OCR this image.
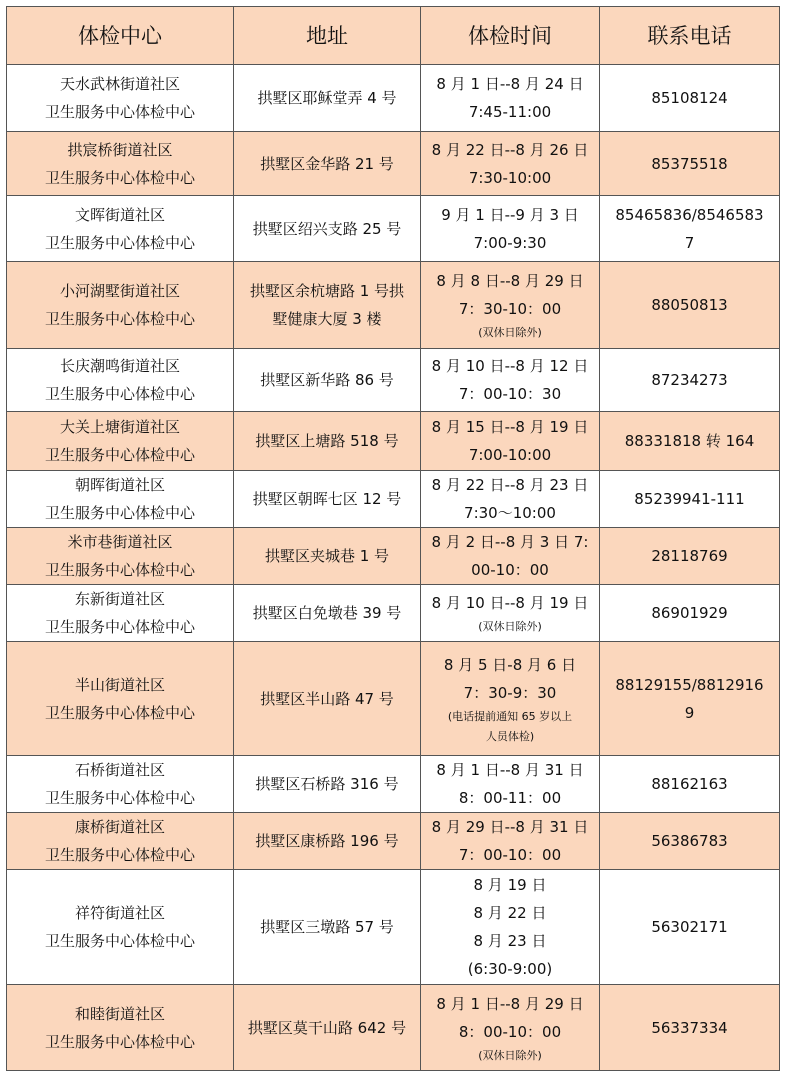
体检中心	地址	体检时间	联系电话

天水武林街道社区
卫生服务中心体检中心	拱墅区耶稣堂弄 4 号	8 月 1 日--8 月 24 日
7:45-11:00	85108124

拱宸桥街道社区
卫生服务中心体检中心	拱墅区金华路 21 号	8 月 22 日--8 月 26 日
7:30-10:00	85375518

文晖街道社区
卫生服务中心体检中心	拱墅区绍兴支路 25 号	9 月 1 日--9 月 3 日
7:00-9:30	85465836/8546583
7

小河湖墅街道社区
卫生服务中心体检中心	拱墅区余杭塘路 1 号拱
墅健康大厦 3 楼	8 月 8 日--8 月 29 日
7：30-10：00
(双休日除外)	88050813

长庆潮鸣街道社区
卫生服务中心体检中心	拱墅区新华路 86 号	8 月 10 日--8 月 12 日
7：00-10：30	87234273

大关上塘街道社区
卫生服务中心体检中心	拱墅区上塘路 518 号	8 月 15 日--8 月 19 日
7:00-10:00	88331818 转 164

朝晖街道社区
卫生服务中心体检中心	拱墅区朝晖七区 12 号	8 月 22 日--8 月 23 日
7:30～10:00	85239941-111

米市巷街道社区
卫生服务中心体检中心	拱墅区夹城巷 1 号	8 月 2 日--8 月 3 日 7:
00-10：00	28118769

东新街道社区
卫生服务中心体检中心	拱墅区白免墩巷 39 号	8 月 10 日--8 月 19 日
(双休日除外)	86901929

半山街道社区
卫生服务中心体检中心	拱墅区半山路 47 号	8 月 5 日-8 月 6 日
7：30-9：30
(电话提前通知 65 岁以上
人员体检)	88129155/8812916
9

石桥街道社区
卫生服务中心体检中心	拱墅区石桥路 316 号	8 月 1 日--8 月 31 日
8：00-11：00	88162163

康桥街道社区
卫生服务中心体检中心	拱墅区康桥路 196 号	8 月 29 日--8 月 31 日
7：00-10：00	56386783

祥符街道社区
卫生服务中心体检中心	拱墅区三墩路 57 号	8 月 19 日
8 月 22 日
8 月 23 日
(6:30-9:00)	56302171

和睦街道社区
卫生服务中心体检中心	拱墅区莫干山路 642 号	8 月 1 日--8 月 29 日
8：00-10：00
(双休日除外)	56337334
